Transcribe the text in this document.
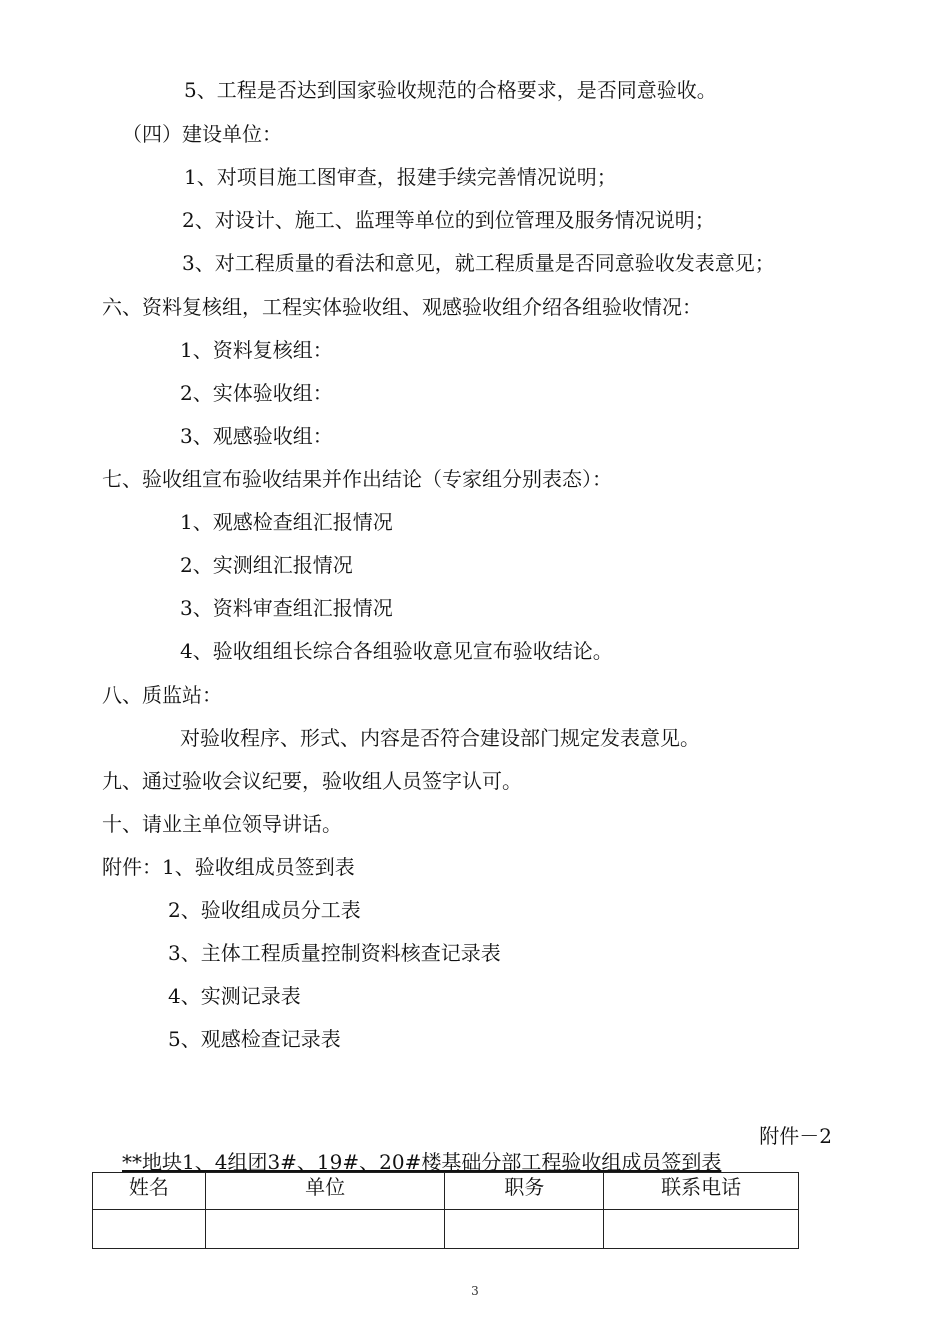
5、工程是否达到国家验收规范的合格要求，是否同意验收。
（四）建设单位：
1、对项目施工图审查，报建手续完善情况说明；
2、对设计、施工、监理等单位的到位管理及服务情况说明；
3、对工程质量的看法和意见，就工程质量是否同意验收发表意见；
六、资料复核组，工程实体验收组、观感验收组介绍各组验收情况：
1、资料复核组：
2、实体验收组：
3、观感验收组：
七、验收组宣布验收结果并作出结论（专家组分别表态）：
1、观感检查组汇报情况
2、实测组汇报情况
3、资料审查组汇报情况
4、验收组组长综合各组验收意见宣布验收结论。
八、质监站：
对验收程序、形式、内容是否符合建设部门规定发表意见。
九、通过验收会议纪要，验收组人员签字认可。
十、请业主单位领导讲话。
附件：1、验收组成员签到表
2、验收组成员分工表
3、主体工程质量控制资料核查记录表
4、实测记录表
5、观感检查记录表
附件－2
**地块1、4组团3#、19#、20#楼基础分部工程验收组成员签到表
姓名	单位	职务	联系电话

3
